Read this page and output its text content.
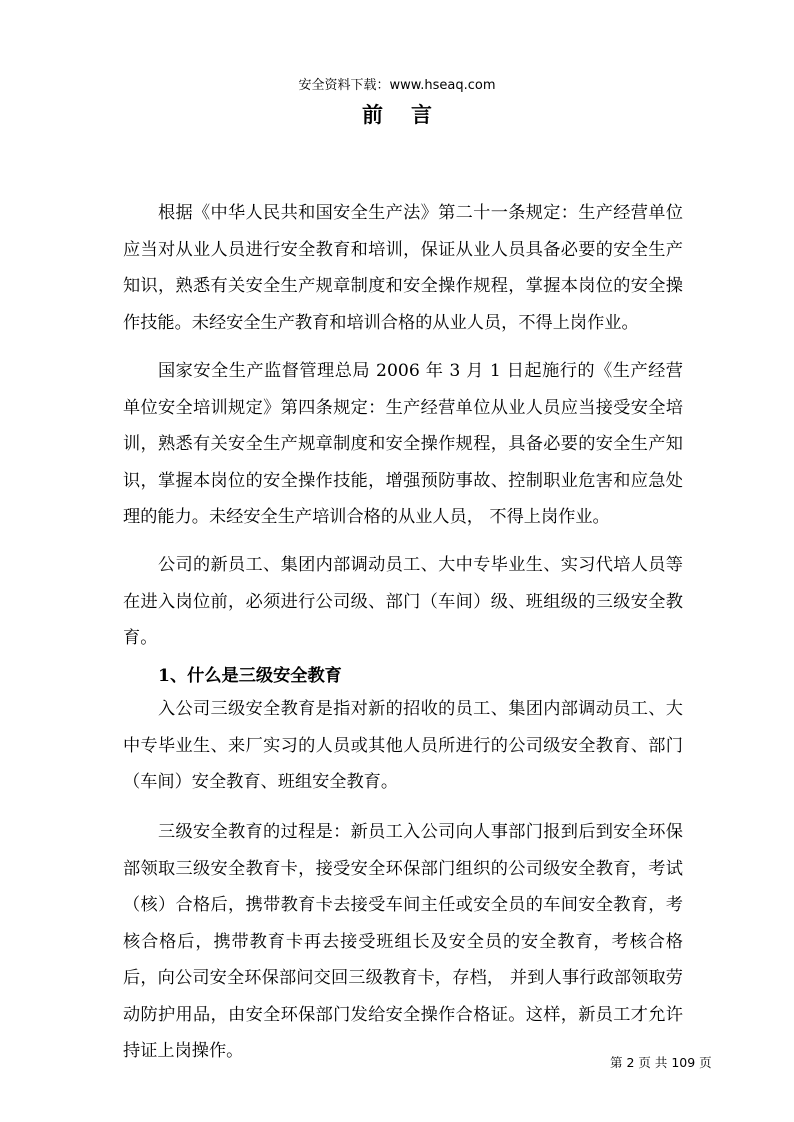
安全资料下载：www.hseaq.com
前言

根据《中华人民共和国安全生产法》第二十一条规定：生产经营单位应当对从业人员进行安全教育和培训，保证从业人员具备必要的安全生产知识，熟悉有关安全生产规章制度和安全操作规程，掌握本岗位的安全操作技能。未经安全生产教育和培训合格的从业人员，不得上岗作业。

国家安全生产监督管理总局 2006 年 3 月 1 日起施行的《生产经营单位安全培训规定》第四条规定：生产经营单位从业人员应当接受安全培训，熟悉有关安全生产规章制度和安全操作规程，具备必要的安全生产知识，掌握本岗位的安全操作技能，增强预防事故、控制职业危害和应急处理的能力。未经安全生产培训合格的从业人员， 不得上岗作业。

公司的新员工、集团内部调动员工、大中专毕业生、实习代培人员等在进入岗位前，必须进行公司级、部门（车间）级、班组级的三级安全教育。

1、什么是三级安全教育

入公司三级安全教育是指对新的招收的员工、集团内部调动员工、大中专毕业生、来厂实习的人员或其他人员所进行的公司级安全教育、部门（车间）安全教育、班组安全教育。

三级安全教育的过程是：新员工入公司向人事部门报到后到安全环保部领取三级安全教育卡，接受安全环保部门组织的公司级安全教育，考试（核）合格后，携带教育卡去接受车间主任或安全员的车间安全教育，考核合格后，携带教育卡再去接受班组长及安全员的安全教育，考核合格后，向公司安全环保部问交回三级教育卡，存档， 并到人事行政部领取劳动防护用品，由安全环保部门发给安全操作合格证。这样，新员工才允许持证上岗操作。

第 2 页 共 109 页
